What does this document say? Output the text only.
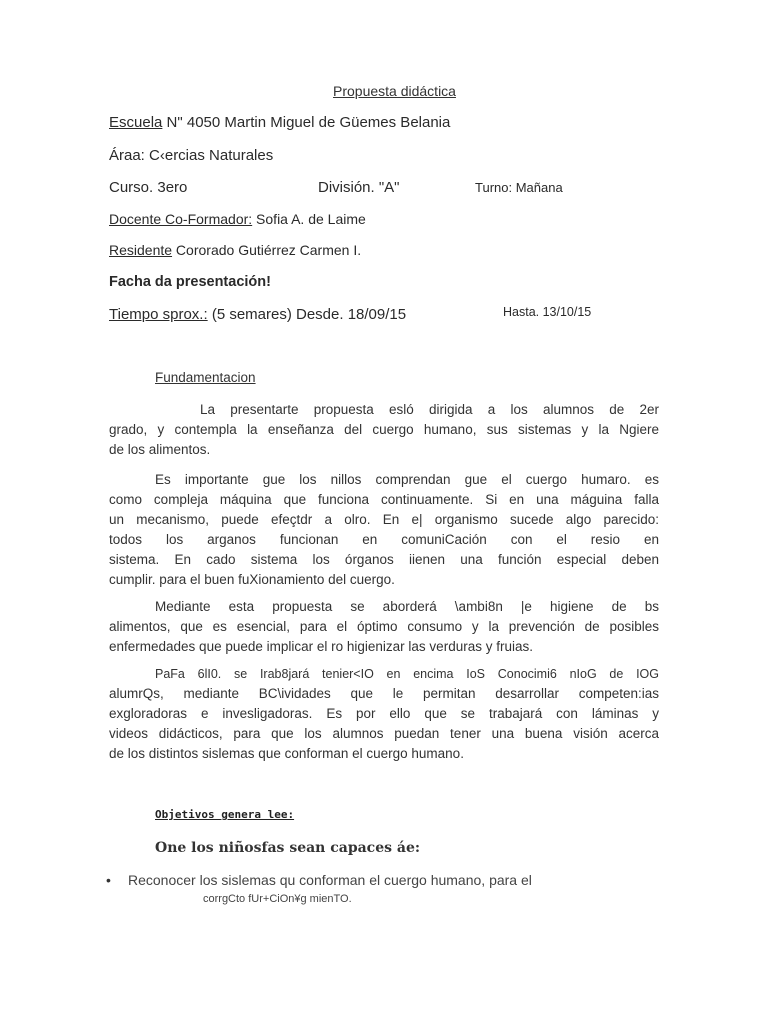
Propuesta didáctica
Escuela N" 4050 Martin Miguel de Güemes Belania
Áraa: C‹ercias Naturales
Curso. 3ero	División. "A"	Turno: Mañana
Docente Co-Formador: Sofia A. de Laime
Residente Cororado Gutiérrez Carmen I.
Facha da presentación!
Tiempo sprox.: (5 semares) Desde. 18/09/15	Hasta. 13/10/15
Fundamentacion
La presentarte propuesta esló dirigida a los alumnos de 2er
grado, y contempla la enseñanza del cuergo humano, sus sistemas y la Ngiere
de los alimentos.
Es importante gue los nillos comprendan gue el cuergo humaro. es
como compleja máquina que funciona continuamente. Si en una máguina falla
un mecanismo, puede efeçtdr a olro. En e| organismo sucede algo parecido:
todos los arganos funcionan en comuniCación con el resio en
sistema. En cado sistema los órganos iienen una función especial deben
cumplir. para el buen fuXionamiento del cuergo.
Mediante esta propuesta se aborderá \ambi8n |e higiene de bs
alimentos, que es esencial, para el óptimo consumo y la prevención de posibles
enfermedades que puede implicar el ro higienizar las verduras y fruias.
PaFa 6lI0. se Irab8jará tenier<IO en encima IoS Conocimi6 nIoG de IOG
alumrQs, mediante BC\ividades que le permitan desarrollar competen:ias
exgloradoras e invesligadoras. Es por ello que se trabajará con láminas y
videos didácticos, para que los alumnos puedan tener una buena visión acerca
de los distintos sislemas que conforman el cuergo humano.
Objetivos genera lee:
One los niñosfas sean capaces áe:
• Reconocer los sislemas qu conforman el cuergo humano, para el
corrgCto fUr+CiOn¥g mienTO.
